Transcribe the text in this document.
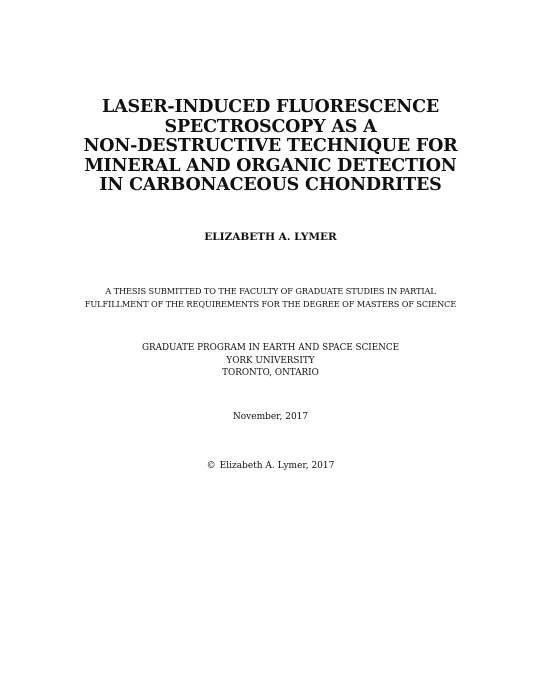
LASER-INDUCED FLUORESCENCE
SPECTROSCOPY AS A
NON-DESTRUCTIVE TECHNIQUE FOR
MINERAL AND ORGANIC DETECTION
IN CARBONACEOUS CHONDRITES
ELIZABETH A. LYMER
A THESIS SUBMITTED TO THE FACULTY OF GRADUATE STUDIES IN PARTIAL
FULFILLMENT OF THE REQUIREMENTS FOR THE DEGREE OF MASTERS OF SCIENCE
GRADUATE PROGRAM IN EARTH AND SPACE SCIENCE
YORK UNIVERSITY
TORONTO, ONTARIO
November, 2017
© Elizabeth A. Lymer, 2017
